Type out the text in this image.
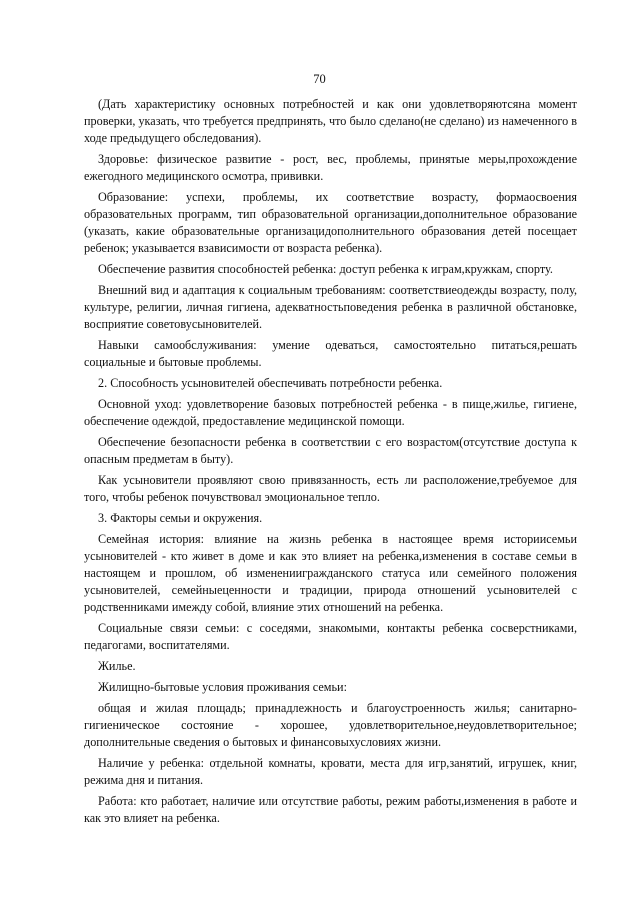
70

(Дать характеристику основных потребностей и как они удовлетворяютсяна момент проверки, указать, что требуется предпринять, что было сделано(не сделано) из намеченного в ходе предыдущего обследования).

Здоровье: физическое развитие - рост, вес, проблемы, принятые меры,прохождение ежегодного медицинского осмотра, прививки.

Образование: успехи, проблемы, их соответствие возрасту, формаосвоения образовательных программ, тип образовательной организации,дополнительное образование (указать, какие образовательные организацидополнительного образования детей посещает ребенок; указывается взависимости от возраста ребенка).

Обеспечение развития способностей ребенка: доступ ребенка к играм,кружкам, спорту.

Внешний вид и адаптация к социальным требованиям: соответствиеодежды возрасту, полу, культуре, религии, личная гигиена, адекватностьповедения ребенка в различной обстановке, восприятие советовусыновителей.

Навыки самообслуживания: умение одеваться, самостоятельно питаться,решать социальные и бытовые проблемы.

2. Способность усыновителей обеспечивать потребности ребенка.

Основной уход: удовлетворение базовых потребностей ребенка - в пище,жилье, гигиене, обеспечение одеждой, предоставление медицинской помощи.

Обеспечение безопасности ребенка в соответствии с его возрастом(отсутствие доступа к опасным предметам в быту).

Как усыновители проявляют свою привязанность, есть ли расположение,требуемое для того, чтобы ребенок почувствовал эмоциональное тепло.

3. Факторы семьи и окружения.

Семейная история: влияние на жизнь ребенка в настоящее время историисемьи усыновителей - кто живет в доме и как это влияет на ребенка,изменения в составе семьи в настоящем и прошлом, об изменениигражданского статуса или семейного положения усыновителей, семейныеценности и традиции, природа отношений усыновителей с родственниками имежду собой, влияние этих отношений на ребенка.

Социальные связи семьи: с соседями, знакомыми, контакты ребенка сосверстниками, педагогами, воспитателями.

Жилье.

Жилищно-бытовые условия проживания семьи:

общая и жилая площадь; принадлежность и благоустроенность жилья; санитарно-гигиеническое состояние - хорошее, удовлетворительное,неудовлетворительное; дополнительные сведения о бытовых и финансовыхусловиях жизни.

Наличие у ребенка: отдельной комнаты, кровати, места для игр,занятий, игрушек, книг, режима дня и питания.

Работа: кто работает, наличие или отсутствие работы, режим работы,изменения в работе и как это влияет на ребенка.
